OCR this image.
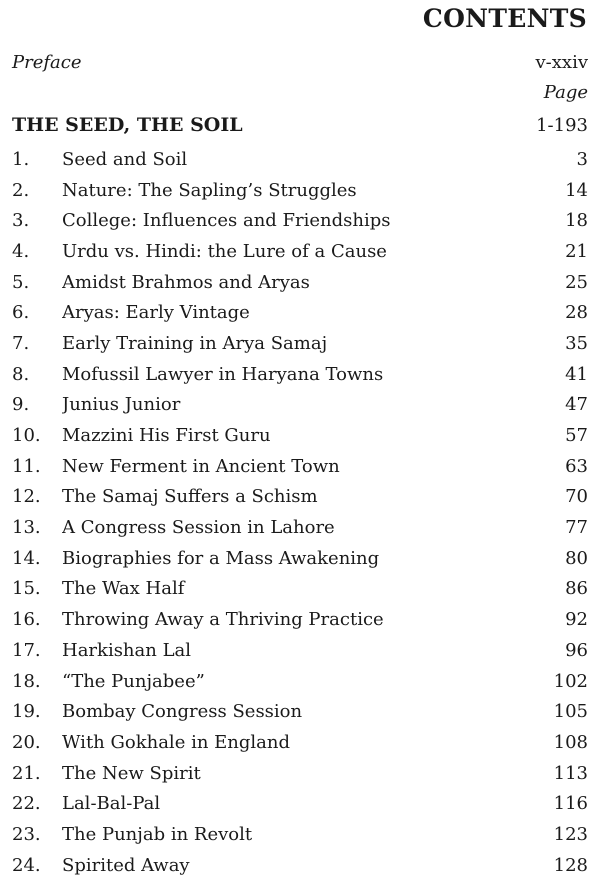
CONTENTS
Preface	v-xxiv
Page
THE SEED, THE SOIL	1-193
1.	Seed and Soil	3
2.	Nature: The Sapling’s Struggles	14
3.	College: Influences and Friendships	18
4.	Urdu vs. Hindi: the Lure of a Cause	21
5.	Amidst Brahmos and Aryas	25
6.	Aryas: Early Vintage	28
7.	Early Training in Arya Samaj	35
8.	Mofussil Lawyer in Haryana Towns	41
9.	Junius Junior	47
10.	Mazzini His First Guru	57
11.	New Ferment in Ancient Town	63
12.	The Samaj Suffers a Schism	70
13.	A Congress Session in Lahore	77
14.	Biographies for a Mass Awakening	80
15.	The Wax Half	86
16.	Throwing Away a Thriving Practice	92
17.	Harkishan Lal	96
18.	“The Punjabee”	102
19.	Bombay Congress Session	105
20.	With Gokhale in England	108
21.	The New Spirit	113
22.	Lal-Bal-Pal	116
23.	The Punjab in Revolt	123
24.	Spirited Away	128
